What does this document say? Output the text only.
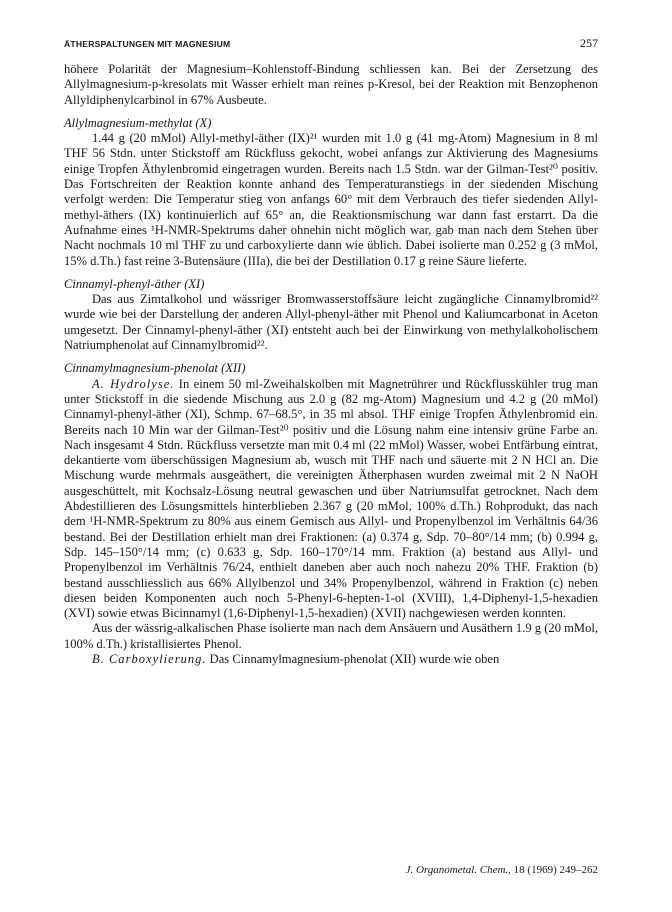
ÄTHERSPALTUNGEN MIT MAGNESIUM	257

höhere Polarität der Magnesium–Kohlenstoff-Bindung schliessen kan. Bei der Zersetzung des Allylmagnesium-p-kresolats mit Wasser erhielt man reines p-Kresol, bei der Reaktion mit Benzophenon Allyldiphenylcarbinol in 67% Ausbeute.

Allylmagnesium-methylat (X)

1.44 g (20 mMol) Allyl-methyl-äther (IX)²¹ wurden mit 1.0 g (41 mg-Atom) Magnesium in 8 ml THF 56 Stdn. unter Stickstoff am Rückfluss gekocht, wobei anfangs zur Aktivierung des Magnesiums einige Tropfen Äthylenbromid eingetragen wurden. Bereits nach 1.5 Stdn. war der Gilman-Test²⁰ positiv. Das Fortschreiten der Reaktion konnte anhand des Temperaturanstiegs in der siedenden Mischung verfolgt werden: Die Temperatur stieg von anfangs 60° mit dem Verbrauch des tiefer siedenden Allyl-methyl-äthers (IX) kontinuierlich auf 65° an, die Reaktionsmischung war dann fast erstarrt. Da die Aufnahme eines ¹H-NMR-Spektrums daher ohnehin nicht möglich war, gab man nach dem Stehen über Nacht nochmals 10 ml THF zu und carboxylierte dann wie üblich. Dabei isolierte man 0.252 g (3 mMol, 15% d.Th.) fast reine 3-Butensäure (IIIa), die bei der Destillation 0.17 g reine Säure lieferte.

Cinnamyl-phenyl-äther (XI)

Das aus Zimtalkohol und wässriger Bromwasserstoffsäure leicht zugängliche Cinnamylbromid²² wurde wie bei der Darstellung der anderen Allyl-phenyl-äther mit Phenol und Kaliumcarbonat in Aceton umgesetzt. Der Cinnamyl-phenyl-äther (XI) entsteht auch bei der Einwirkung von methylalkoholischem Natriumphenolat auf Cinnamylbromid²².

Cinnamylmagnesium-phenolat (XII)

A. Hydrolyse. In einem 50 ml-Zweihalskolben mit Magnetrührer und Rückflusskühler trug man unter Stickstoff in die siedende Mischung aus 2.0 g (82 mg-Atom) Magnesium und 4.2 g (20 mMol) Cinnamyl-phenyl-äther (XI), Schmp. 67–68.5°, in 35 ml absol. THF einige Tropfen Äthylenbromid ein. Bereits nach 10 Min war der Gilman-Test²⁰ positiv und die Lösung nahm eine intensiv grüne Farbe an. Nach insgesamt 4 Stdn. Rückfluss versetzte man mit 0.4 ml (22 mMol) Wasser, wobei Entfärbung eintrat, dekantierte vom überschüssigen Magnesium ab, wusch mit THF nach und säuerte mit 2 N HCl an. Die Mischung wurde mehrmals ausgeäthert, die vereinigten Ätherphasen wurden zweimal mit 2 N NaOH ausgeschüttelt, mit Kochsalz-Lösung neutral gewaschen und über Natriumsulfat getrocknet. Nach dem Abdestillieren des Lösungsmittels hinterblieben 2.367 g (20 mMol, 100% d.Th.) Rohprodukt, das nach dem ¹H-NMR-Spektrum zu 80% aus einem Gemisch aus Allyl- und Propenylbenzol im Verhältnis 64/36 bestand. Bei der Destillation erhielt man drei Fraktionen: (a) 0.374 g, Sdp. 70–80°/14 mm; (b) 0.994 g, Sdp. 145–150°/14 mm; (c) 0.633 g, Sdp. 160–170°/14 mm. Fraktion (a) bestand aus Allyl- und Propenylbenzol im Verhältnis 76/24, enthielt daneben aber auch noch nahezu 20% THF. Fraktion (b) bestand ausschliesslich aus 66% Allylbenzol und 34% Propenylbenzol, während in Fraktion (c) neben diesen beiden Komponenten auch noch 5-Phenyl-6-hepten-1-ol (XVIII), 1,4-Diphenyl-1,5-hexadien (XVI) sowie etwas Bicinnamyl (1,6-Diphenyl-1,5-hexadien) (XVII) nachgewiesen werden konnten.

Aus der wässrig-alkalischen Phase isolierte man nach dem Ansäuern und Ausäthern 1.9 g (20 mMol, 100% d.Th.) kristallisiertes Phenol.

B. Carboxylierung. Das Cinnamylmagnesium-phenolat (XII) wurde wie oben

J. Organometal. Chem., 18 (1969) 249–262
